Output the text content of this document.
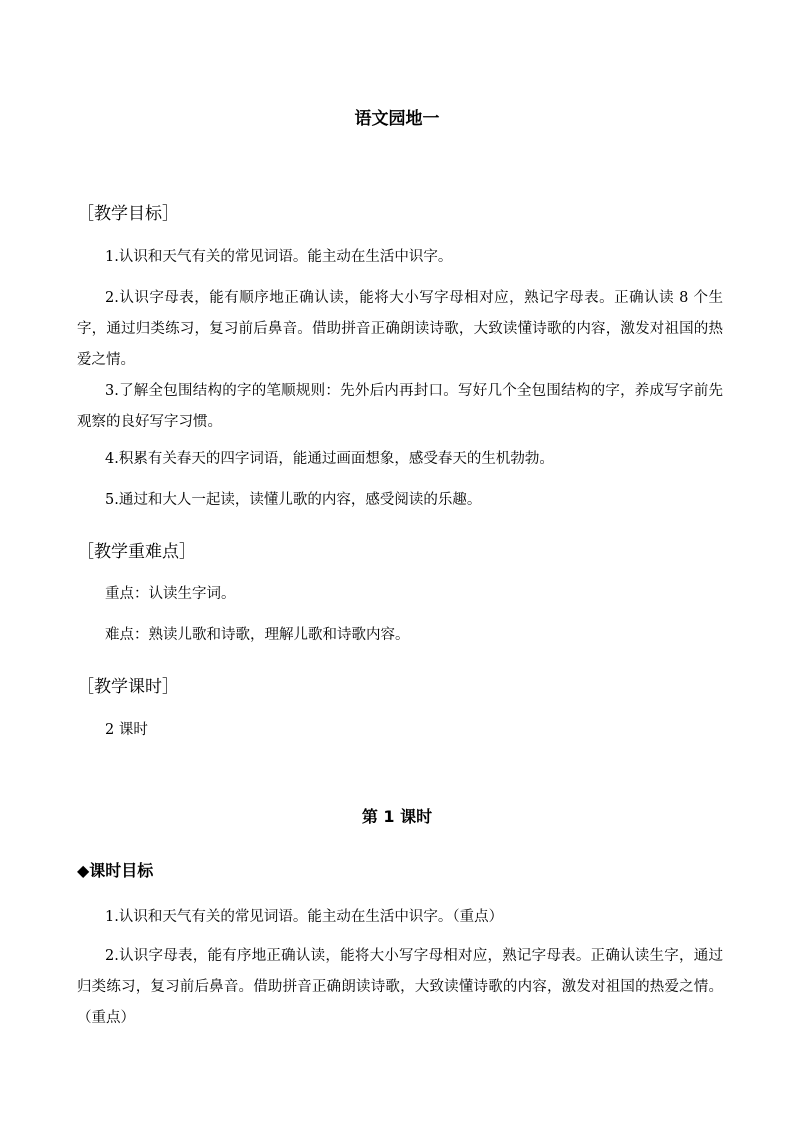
语文园地一
［教学目标］
1.认识和天气有关的常见词语。能主动在生活中识字。
2.认识字母表，能有顺序地正确认读，能将大小写字母相对应，熟记字母表。正确认读 8 个生字，通过归类练习，复习前后鼻音。借助拼音正确朗读诗歌，大致读懂诗歌的内容，激发对祖国的热爱之情。
3.了解全包围结构的字的笔顺规则：先外后内再封口。写好几个全包围结构的字，养成写字前先观察的良好写字习惯。
4.积累有关春天的四字词语，能通过画面想象，感受春天的生机勃勃。
5.通过和大人一起读，读懂儿歌的内容，感受阅读的乐趣。
［教学重难点］
重点：认读生字词。
难点：熟读儿歌和诗歌，理解儿歌和诗歌内容。
［教学课时］
2 课时
第 1 课时
◆课时目标
1.认识和天气有关的常见词语。能主动在生活中识字。（重点）
2.认识字母表，能有序地正确认读，能将大小写字母相对应，熟记字母表。正确认读生字，通过归类练习，复习前后鼻音。借助拼音正确朗读诗歌，大致读懂诗歌的内容，激发对祖国的热爱之情。（重点）
